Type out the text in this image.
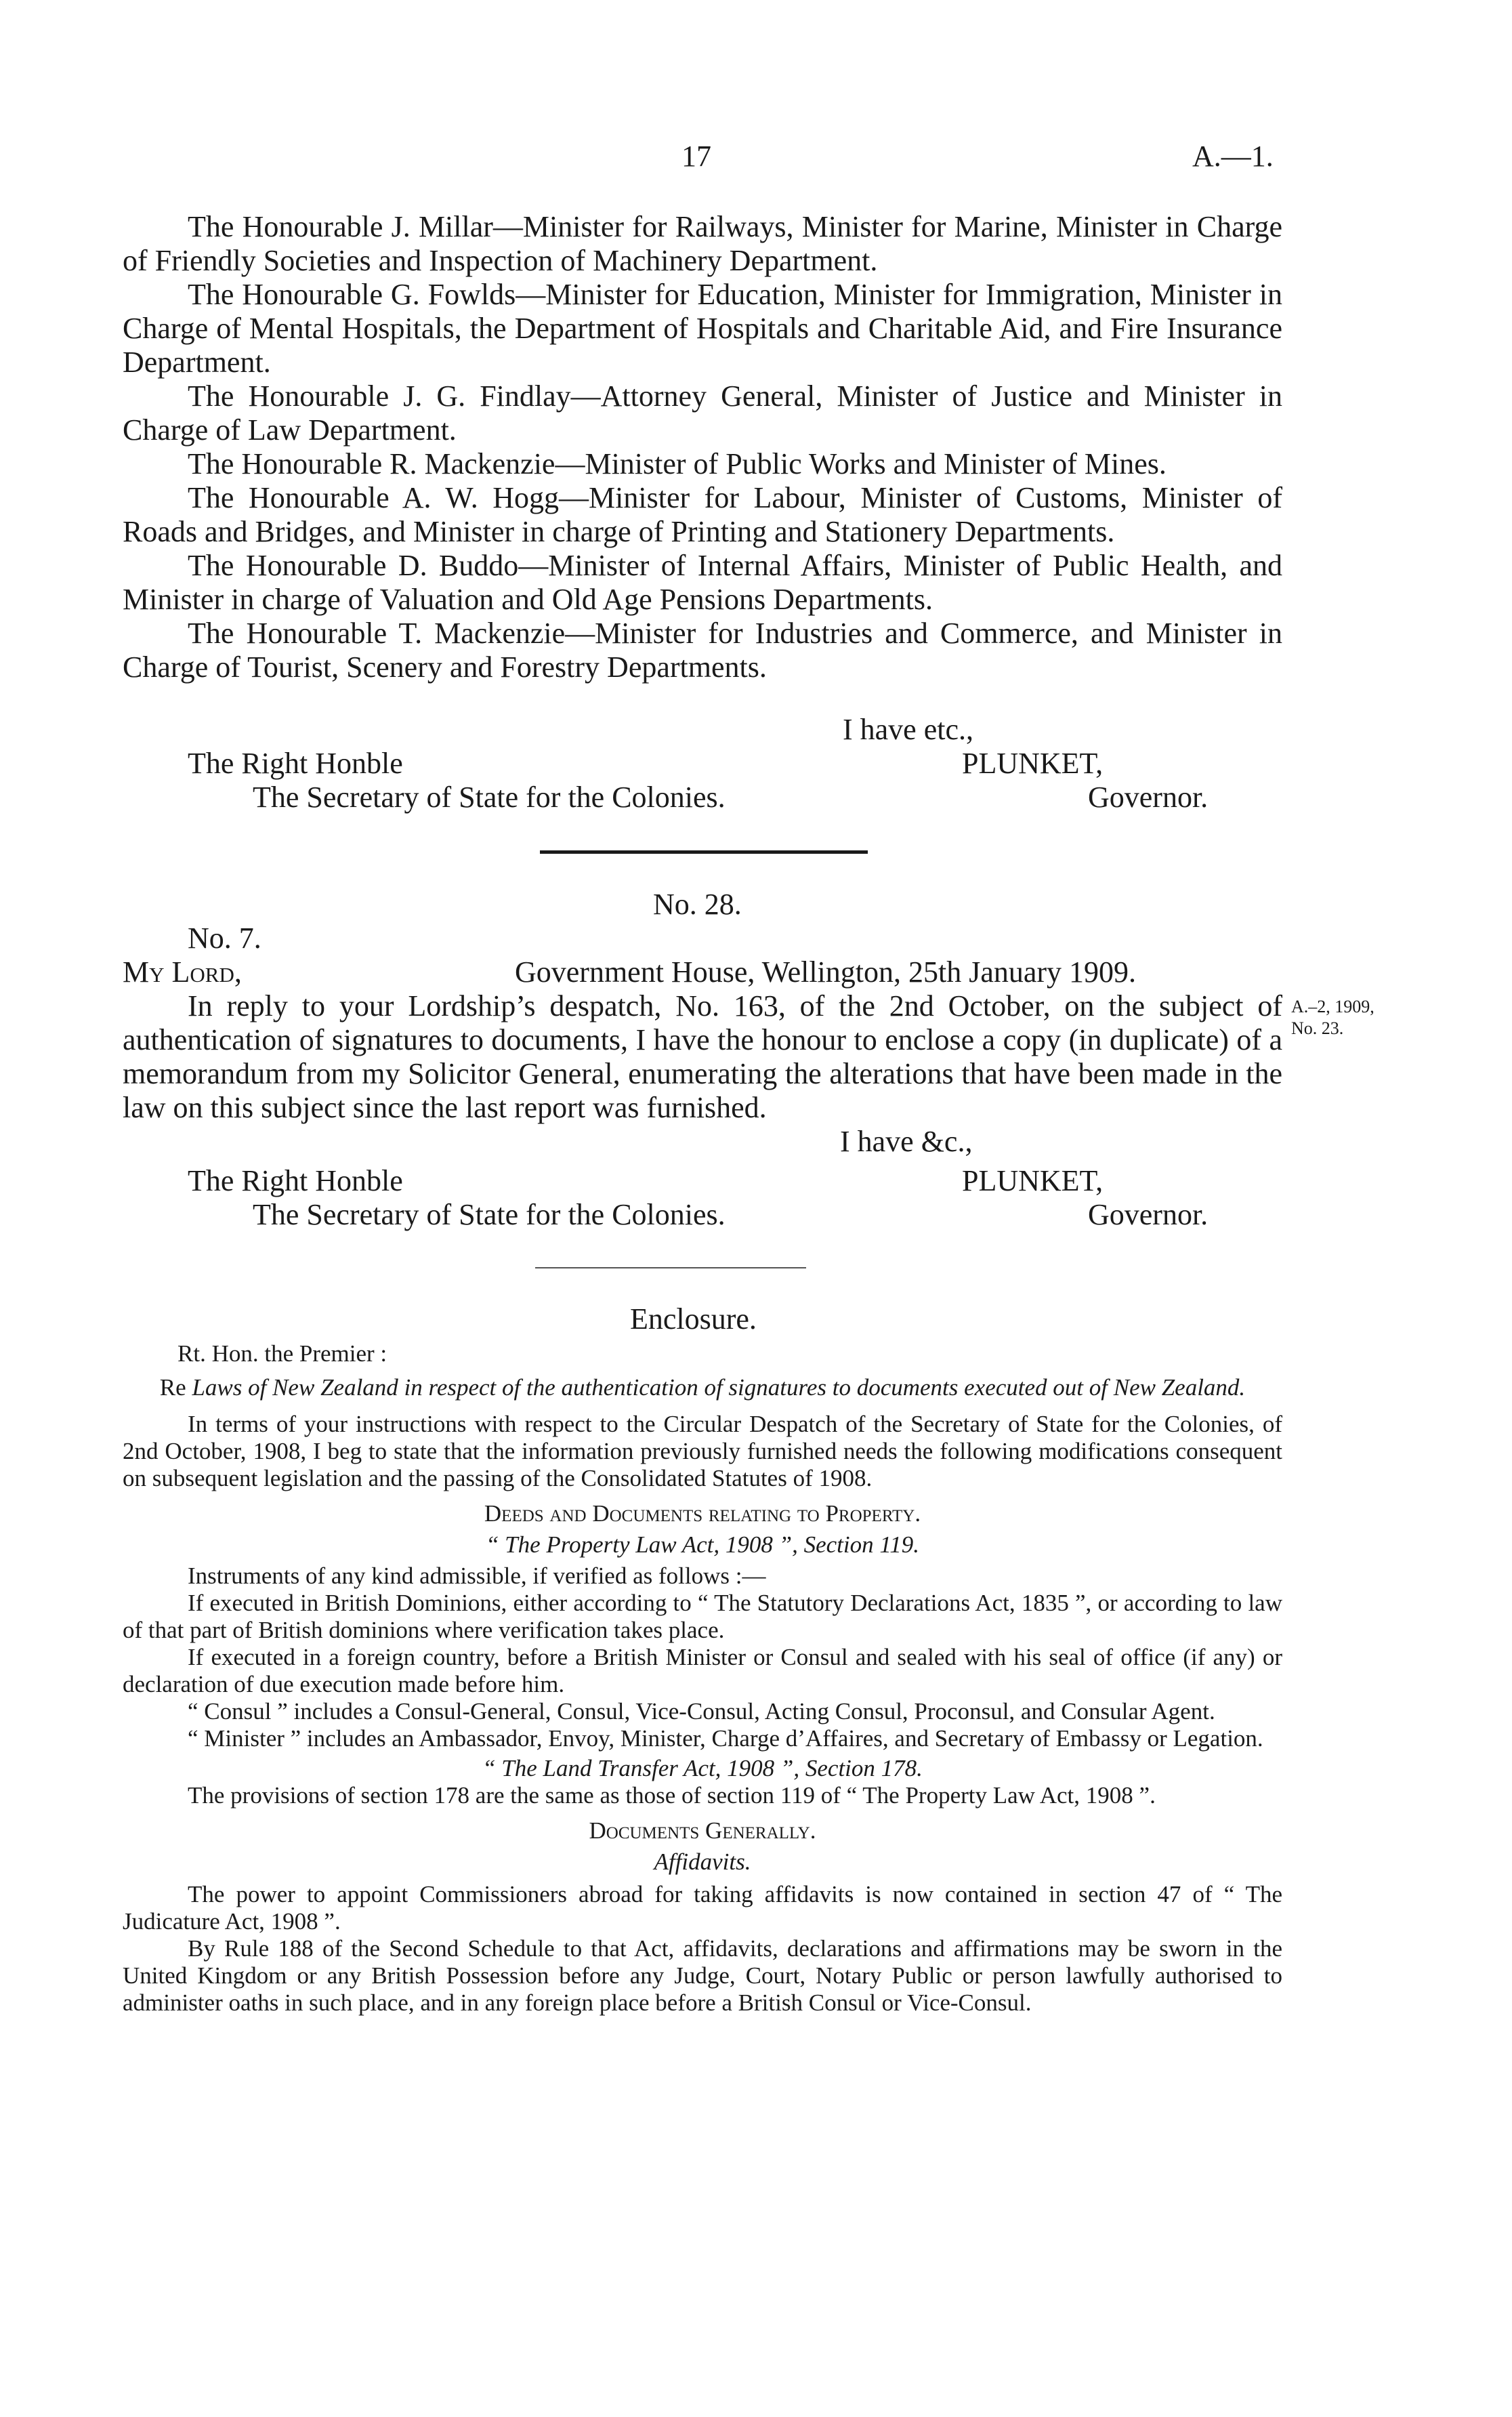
17	A.—1.

The Honourable J. Millar—Minister for Railways, Minister for Marine, Minister in Charge of Friendly Societies and Inspection of Machinery Department.

The Honourable G. Fowlds—Minister for Education, Minister for Immigration, Minister in Charge of Mental Hospitals, the Department of Hospitals and Charitable Aid, and Fire Insurance Department.

The Honourable J. G. Findlay—Attorney General, Minister of Justice and Minister in Charge of Law Department.

The Honourable R. Mackenzie—Minister of Public Works and Minister of Mines.

The Honourable A. W. Hogg—Minister for Labour, Minister of Customs, Minister of Roads and Bridges, and Minister in charge of Printing and Stationery Departments.

The Honourable D. Buddo—Minister of Internal Affairs, Minister of Public Health, and Minister in charge of Valuation and Old Age Pensions Departments.

The Honourable T. Mackenzie—Minister for Industries and Commerce, and Minister in Charge of Tourist, Scenery and Forestry Departments.

I have etc.,
The Right Honble	PLUNKET,
The Secretary of State for the Colonies.	Governor.
No. 28.
No. 7.
My Lord,	Government House, Wellington, 25th January 1909.

In reply to your Lordship’s despatch, No. 163, of the 2nd October, on the subject of authentication of signatures to documents, I have the honour to enclose a copy (in duplicate) of a memorandum from my Solicitor General, enumerating the alterations that have been made in the law on this subject since the last report was furnished.

A.–2, 1909,
No. 23.
I have &c.,
The Right Honble	PLUNKET,
The Secretary of State for the Colonies.	Governor.
Enclosure.
Rt. Hon. the Premier :

Re Laws of New Zealand in respect of the authentication of signatures to documents executed out of New Zealand.

In terms of your instructions with respect to the Circular Despatch of the Secretary of State for the Colonies, of 2nd October, 1908, I beg to state that the information previously furnished needs the following modifications consequent on subsequent legislation and the passing of the Consolidated Statutes of 1908.

Deeds and Documents relating to Property.

“ The Property Law Act, 1908 ”, Section 119.

Instruments of any kind admissible, if verified as follows :—

If executed in British Dominions, either according to “ The Statutory Declarations Act, 1835 ”, or according to law of that part of British dominions where verification takes place.

If executed in a foreign country, before a British Minister or Consul and sealed with his seal of office (if any) or declaration of due execution made before him.

“ Consul ” includes a Consul-General, Consul, Vice-Consul, Acting Consul, Proconsul, and Consular Agent.

“ Minister ” includes an Ambassador, Envoy, Minister, Charge d’Affaires, and Secretary of Embassy or Legation.

“ The Land Transfer Act, 1908 ”, Section 178.

The provisions of section 178 are the same as those of section 119 of “ The Property Law Act, 1908 ”.

Documents Generally.

Affidavits.

The power to appoint Commissioners abroad for taking affidavits is now contained in section 47 of “ The Judicature Act, 1908 ”.

By Rule 188 of the Second Schedule to that Act, affidavits, declarations and affirmations may be sworn in the United Kingdom or any British Possession before any Judge, Court, Notary Public or person lawfully authorised to administer oaths in such place, and in any foreign place before a British Consul or Vice-Consul.
